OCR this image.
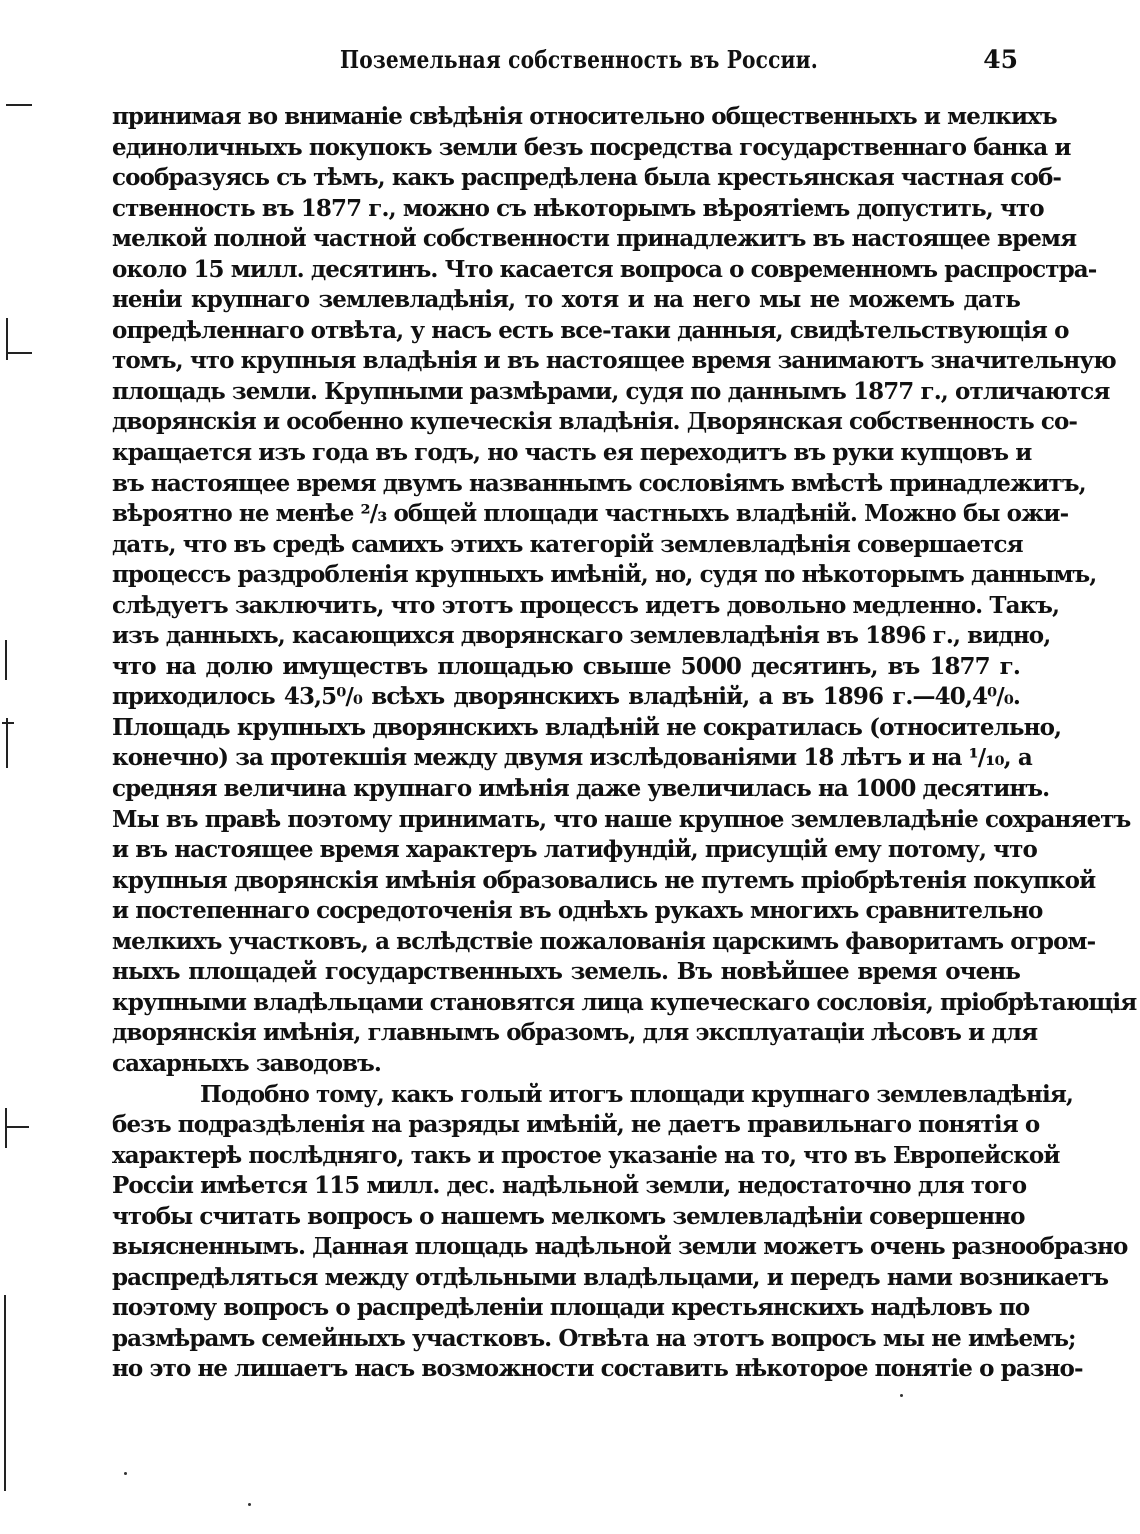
Поземельная собственность въ России.	45
принимая во вниманіе свѣдѣнія относительно общественныхъ и мелкихъ
единоличныхъ покупокъ земли безъ посредства государственнаго банка и
сообразуясь съ тѣмъ, какъ распредѣлена была крестьянская частная соб-
ственность въ 1877 г., можно съ нѣкоторымъ вѣроятіемъ допустить, что
мелкой полной частной собственности принадлежитъ въ настоящее время
около 15 милл. десятинъ. Что касается вопроса о современномъ распростра-
неніи крупнаго землевладѣнія, то хотя и на него мы не можемъ дать
опредѣленнаго отвѣта, у насъ есть все-таки данныя, свидѣтельствующія о
томъ, что крупныя владѣнія и въ настоящее время занимаютъ значительную
площадь земли. Крупными размѣрами, судя по даннымъ 1877 г., отличаются
дворянскія и особенно купеческія владѣнія. Дворянская собственность со-
кращается изъ года въ годъ, но часть ея переходитъ въ руки купцовъ и
въ настоящее время двумъ названнымъ сословіямъ вмѣстѣ принадлежитъ,
вѣроятно не менѣе ²/₃ общей площади частныхъ владѣній. Можно бы ожи-
дать, что въ средѣ самихъ этихъ категорій землевладѣнія совершается
процессъ раздробленія крупныхъ имѣній, но, судя по нѣкоторымъ даннымъ,
слѣдуетъ заключить, что этотъ процессъ идетъ довольно медленно. Такъ,
изъ данныхъ, касающихся дворянскаго землевладѣнія въ 1896 г., видно,
что на долю имуществъ площадью свыше 5000 десятинъ, въ 1877 г.
приходилось 43,5⁰/₀ всѣхъ дворянскихъ владѣній, а въ 1896 г.—40,4⁰/₀.
Площадь крупныхъ дворянскихъ владѣній не сократилась (относительно,
конечно) за протекшія между двумя изслѣдованіями 18 лѣтъ и на ¹/₁₀, а
средняя величина крупнаго имѣнія даже увеличилась на 1000 десятинъ.
Мы въ правѣ поэтому принимать, что наше крупное землевладѣніе сохраняетъ
и въ настоящее время характеръ латифундій, присущій ему потому, что
крупныя дворянскія имѣнія образовались не путемъ пріобрѣтенія покупкой
и постепеннаго сосредоточенія въ однѣхъ рукахъ многихъ сравнительно
мелкихъ участковъ, а вслѣдствіе пожалованія царскимъ фаворитамъ огром-
ныхъ площадей государственныхъ земель. Въ новѣйшее время очень
крупными владѣльцами становятся лица купеческаго сословія, пріобрѣтающія
дворянскія имѣнія, главнымъ образомъ, для эксплуатаціи лѣсовъ и для
сахарныхъ заводовъ.
Подобно тому, какъ голый итогъ площади крупнаго землевладѣнія,
безъ подраздѣленія на разряды имѣній, не даетъ правильнаго понятія о
характерѣ послѣдняго, такъ и простое указаніе на то, что въ Европейской
Россіи имѣется 115 милл. дес. надѣльной земли, недостаточно для того
чтобы считать вопросъ о нашемъ мелкомъ землевладѣніи совершенно
выясненнымъ. Данная площадь надѣльной земли можетъ очень разнообразно
распредѣляться между отдѣльными владѣльцами, и передъ нами возникаетъ
поэтому вопросъ о распредѣленіи площади крестьянскихъ надѣловъ по
размѣрамъ семейныхъ участковъ. Отвѣта на этотъ вопросъ мы не имѣемъ;
но это не лишаетъ насъ возможности составить нѣкоторое понятіе о разно-
